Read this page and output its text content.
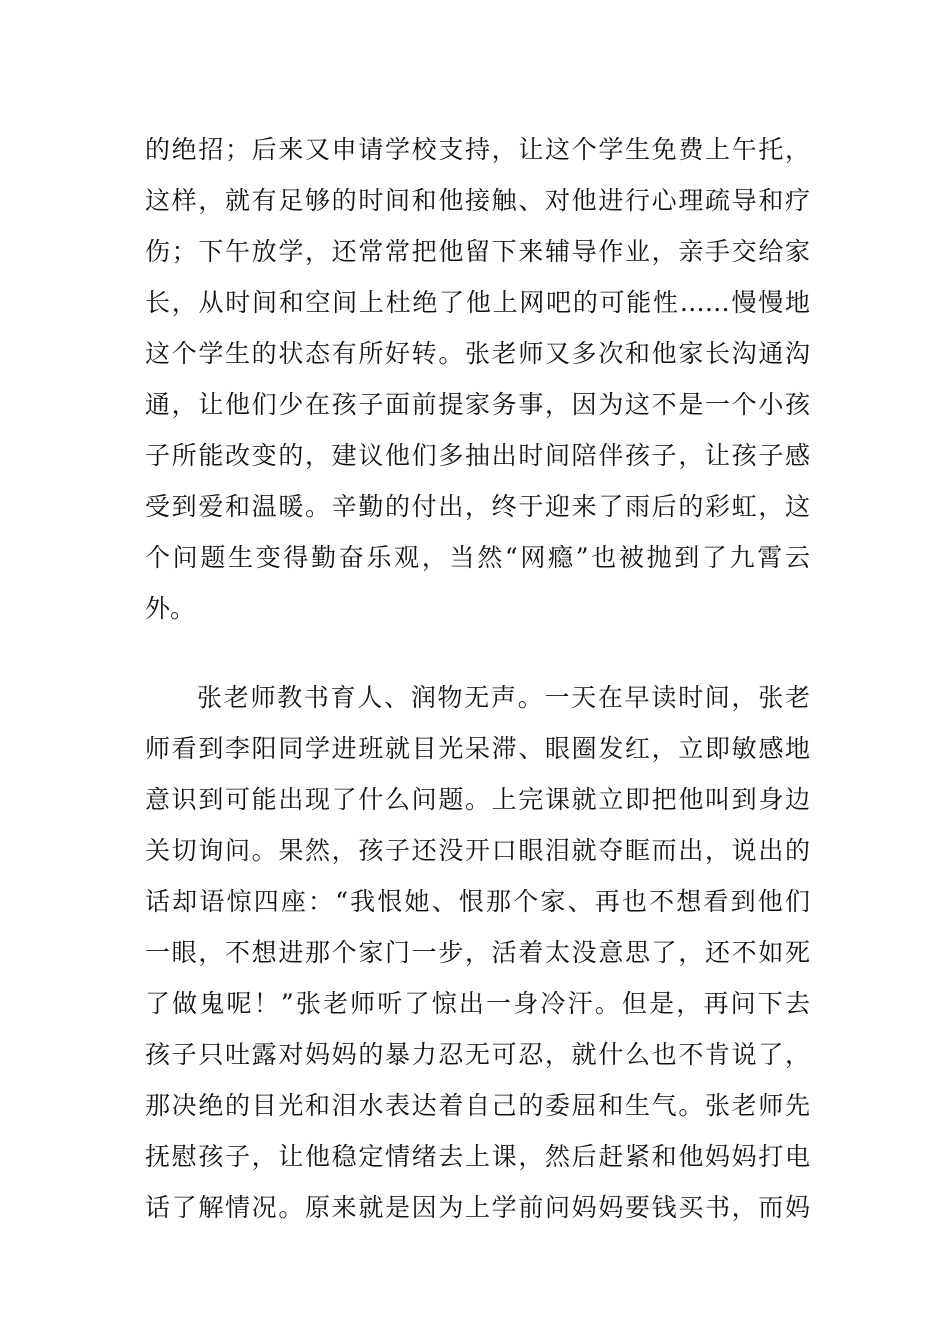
的绝招；后来又申请学校支持，让这个学生免费上午托，
这样，就有足够的时间和他接触、对他进行心理疏导和疗
伤；下午放学，还常常把他留下来辅导作业，亲手交给家
长，从时间和空间上杜绝了他上网吧的可能性……慢慢地
这个学生的状态有所好转。张老师又多次和他家长沟通沟
通，让他们少在孩子面前提家务事，因为这不是一个小孩
子所能改变的，建议他们多抽出时间陪伴孩子，让孩子感
受到爱和温暖。辛勤的付出，终于迎来了雨后的彩虹，这
个问题生变得勤奋乐观，当然“网瘾”也被抛到了九霄云
外。
张老师教书育人、润物无声。一天在早读时间，张老
师看到李阳同学进班就目光呆滞、眼圈发红，立即敏感地
意识到可能出现了什么问题。上完课就立即把他叫到身边
关切询问。果然，孩子还没开口眼泪就夺眶而出，说出的
话却语惊四座：“我恨她、恨那个家、再也不想看到他们
一眼，不想进那个家门一步，活着太没意思了，还不如死
了做鬼呢！”张老师听了惊出一身冷汗。但是，再问下去
孩子只吐露对妈妈的暴力忍无可忍，就什么也不肯说了，
那决绝的目光和泪水表达着自己的委屈和生气。张老师先
抚慰孩子，让他稳定情绪去上课，然后赶紧和他妈妈打电
话了解情况。原来就是因为上学前问妈妈要钱买书，而妈
